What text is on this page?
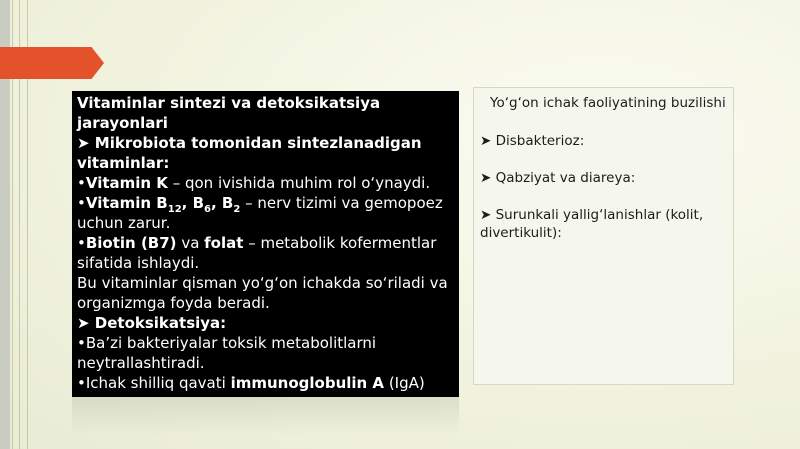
Vitaminlar sintezi va detoksikatsiya jarayonlari

➤ Mikrobiota tomonidan sintezlanadigan vitaminlar:

•Vitamin K – qon ivishida muhim rol o‘ynaydi.

•Vitamin $B_{12}$, $B_6$, $B_2$ – nerv tizimi va gemopoez uchun zarur.

•Biotin (B7) va folat – metabolik kofermentlar sifatida ishlaydi.

Bu vitaminlar qisman yo‘g‘on ichakda so‘riladi va organizmga foyda beradi.

➤ Detoksikatsiya:

•Ba’zi bakteriyalar toksik metabolitlarni neytrallashtiradi.

•Ichak shilliq qavati immunoglobulin A (IgA)

Yo‘g‘on ichak faoliyatining buzilishi

➤ Disbakterioz:

➤ Qabziyat va diareya:

➤ Surunkali yallig‘lanishlar (kolit, divertikulit):
